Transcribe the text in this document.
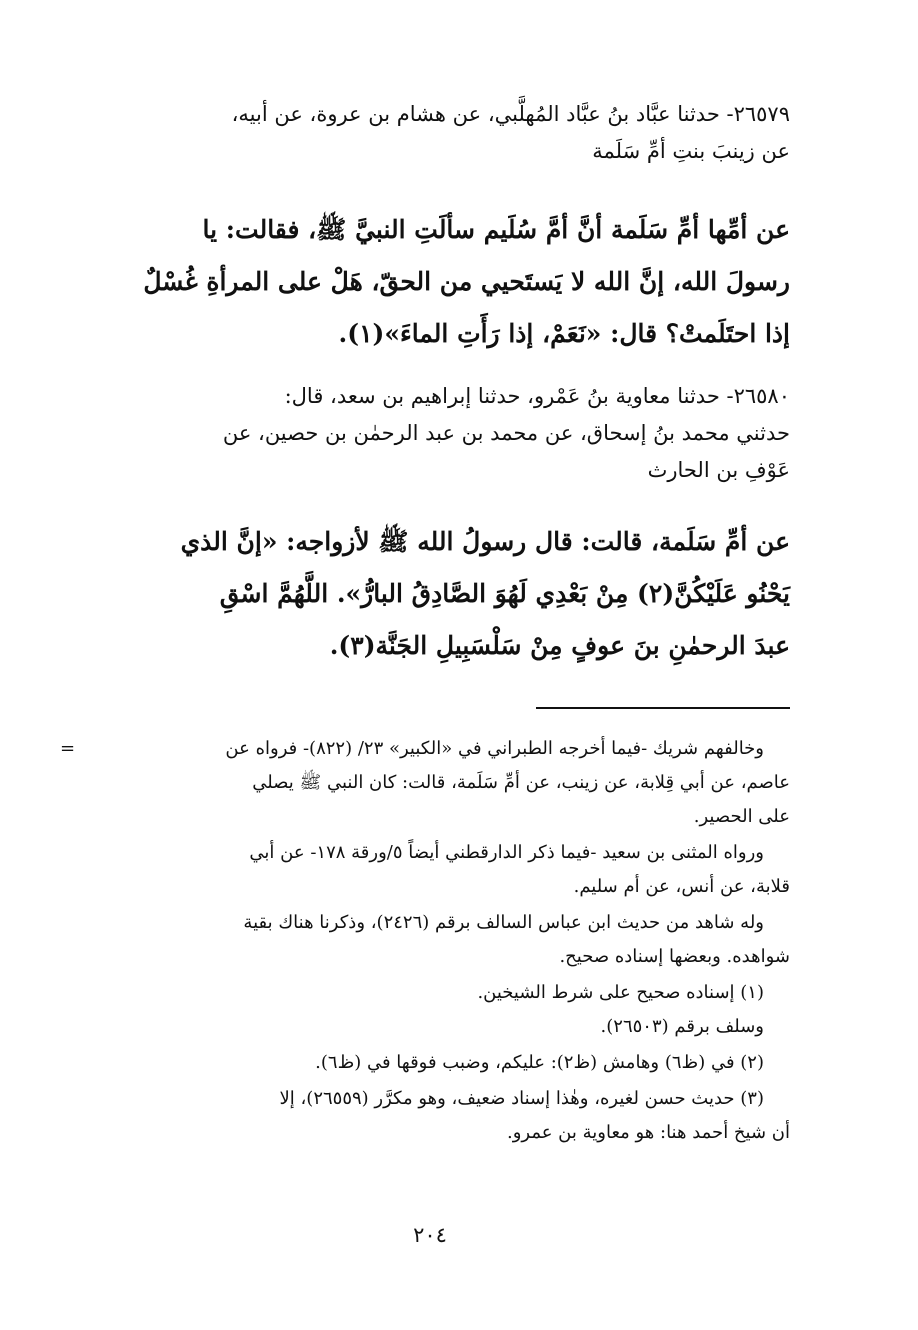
٢٦٥٧٩- حدثنا عبَّاد بنُ عبَّاد المُهلَّبي، عن هشام بن عروة، عن أبيه،
عن زينبَ بنتِ أمِّ سَلَمة
عن أمِّها أمِّ سَلَمة أنَّ أمَّ سُلَيم سألَتِ النبيَّ ﷺ، فقالت: يا
رسولَ الله، إنَّ الله لا يَستَحيي من الحقّ، هَلْ على المرأةِ غُسْلٌ
إذا احتَلَمتْ؟ قال: «نَعَمْ، إذا رَأَتِ الماءَ»(١).
٢٦٥٨٠- حدثنا معاوية بنُ عَمْرو، حدثنا إبراهيم بن سعد، قال:
حدثني محمد بنُ إسحاق، عن محمد بن عبد الرحمٰن بن حصين، عن
عَوْفِ بن الحارث
عن أمِّ سَلَمة، قالت: قال رسولُ الله ﷺ لأزواجه: «إنَّ الذي
يَحْنُو عَلَيْكُنَّ(٢) مِنْ بَعْدِي لَهُوَ الصَّادِقُ البارُّ». اللَّهُمَّ اسْقِ
عبدَ الرحمٰنِ بنَ عوفٍ مِنْ سَلْسَبِيلِ الجَنَّة(٣).
=	وخالفهم شريك -فيما أخرجه الطبراني في «الكبير» ٢٣/ (٨٢٢)- فرواه عن
عاصم، عن أبي قِلابة، عن زينب، عن أمِّ سَلَمة، قالت: كان النبي ﷺ يصلي
على الحصير.
ورواه المثنى بن سعيد -فيما ذكر الدارقطني أيضاً ٥/ورقة ١٧٨- عن أبي
قلابة، عن أنس، عن أم سليم.
وله شاهد من حديث ابن عباس السالف برقم (٢٤٢٦)، وذكرنا هناك بقية
شواهده. وبعضها إسناده صحيح.
(١) إسناده صحيح على شرط الشيخين.
وسلف برقم (٢٦٥٠٣).
(٢) في (ظ٦) وهامش (ظ٢): عليكم، وضبب فوقها في (ظ٦).
(٣) حديث حسن لغيره، وهٰذا إسناد ضعيف، وهو مكرَّر (٢٦٥٥٩)، إلا
أن شيخ أحمد هنا: هو معاوية بن عمرو.
٢٠٤
